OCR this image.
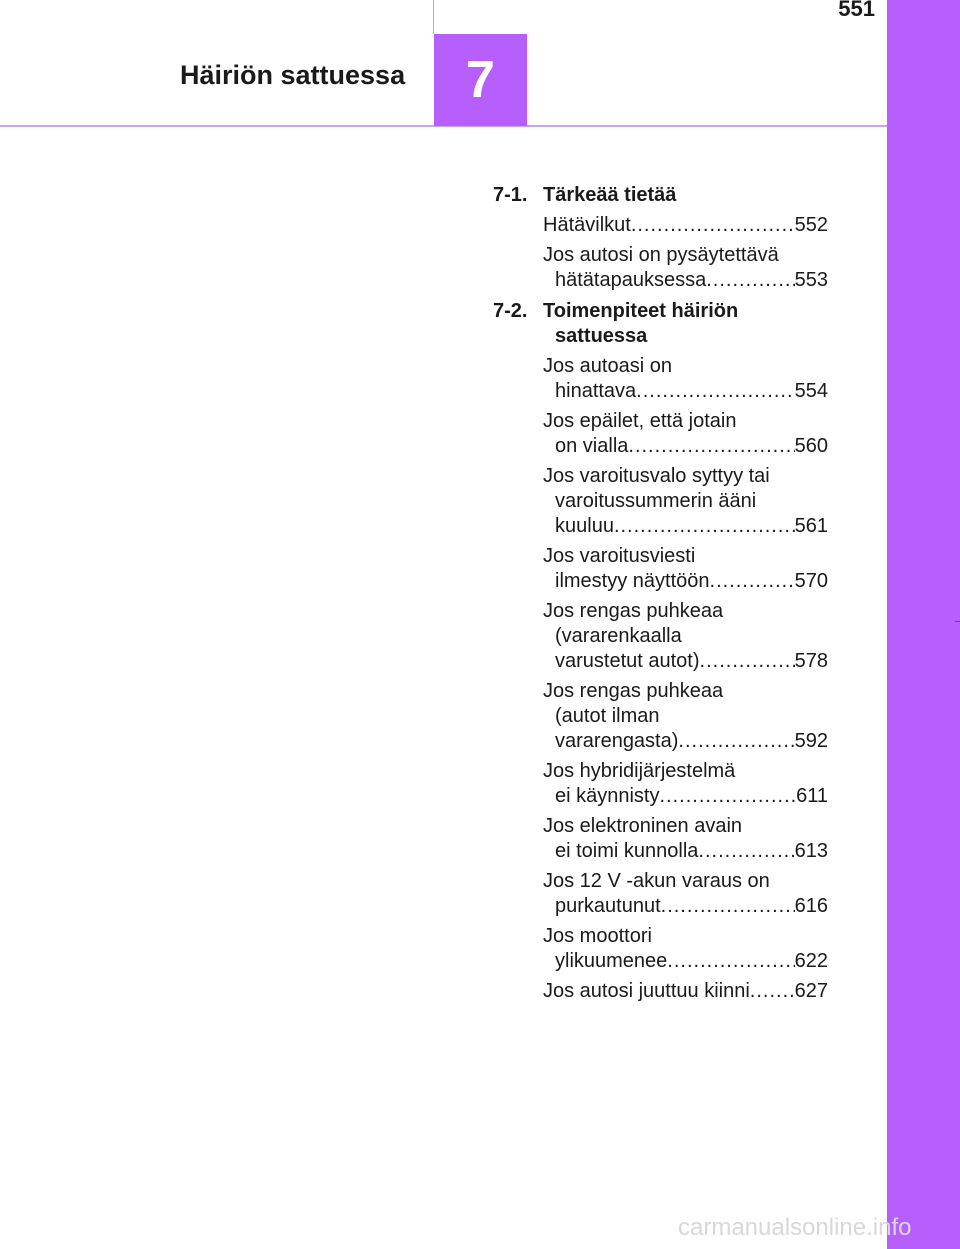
551
Häiriön sattuessa 7
7-1. Tärkeää tietää
Hätävilkut .....	552
Jos autosi on pysäytettävä
hätätapauksessa .....	553
7-2. Toimenpiteet häiriön
sattuessa
Jos autoasi on
hinattava .....	554
Jos epäilet, että jotain
on vialla .....	560
Jos varoitusvalo syttyy tai
varoitussummerin ääni
kuuluu .....	561
Jos varoitusviesti
ilmestyy näyttöön .....	570
Jos rengas puhkeaa
(vararenkaalla
varustetut autot) .....	578
Jos rengas puhkeaa
(autot ilman
vararengasta) .....	592
Jos hybridijärjestelmä
ei käynnisty .....	611
Jos elektroninen avain
ei toimi kunnolla .....	613
Jos 12 V -akun varaus on
purkautunut .....	616
Jos moottori
ylikuumenee .....	622
Jos autosi juuttuu kiinni ..... 627
carmanualsonline.info
